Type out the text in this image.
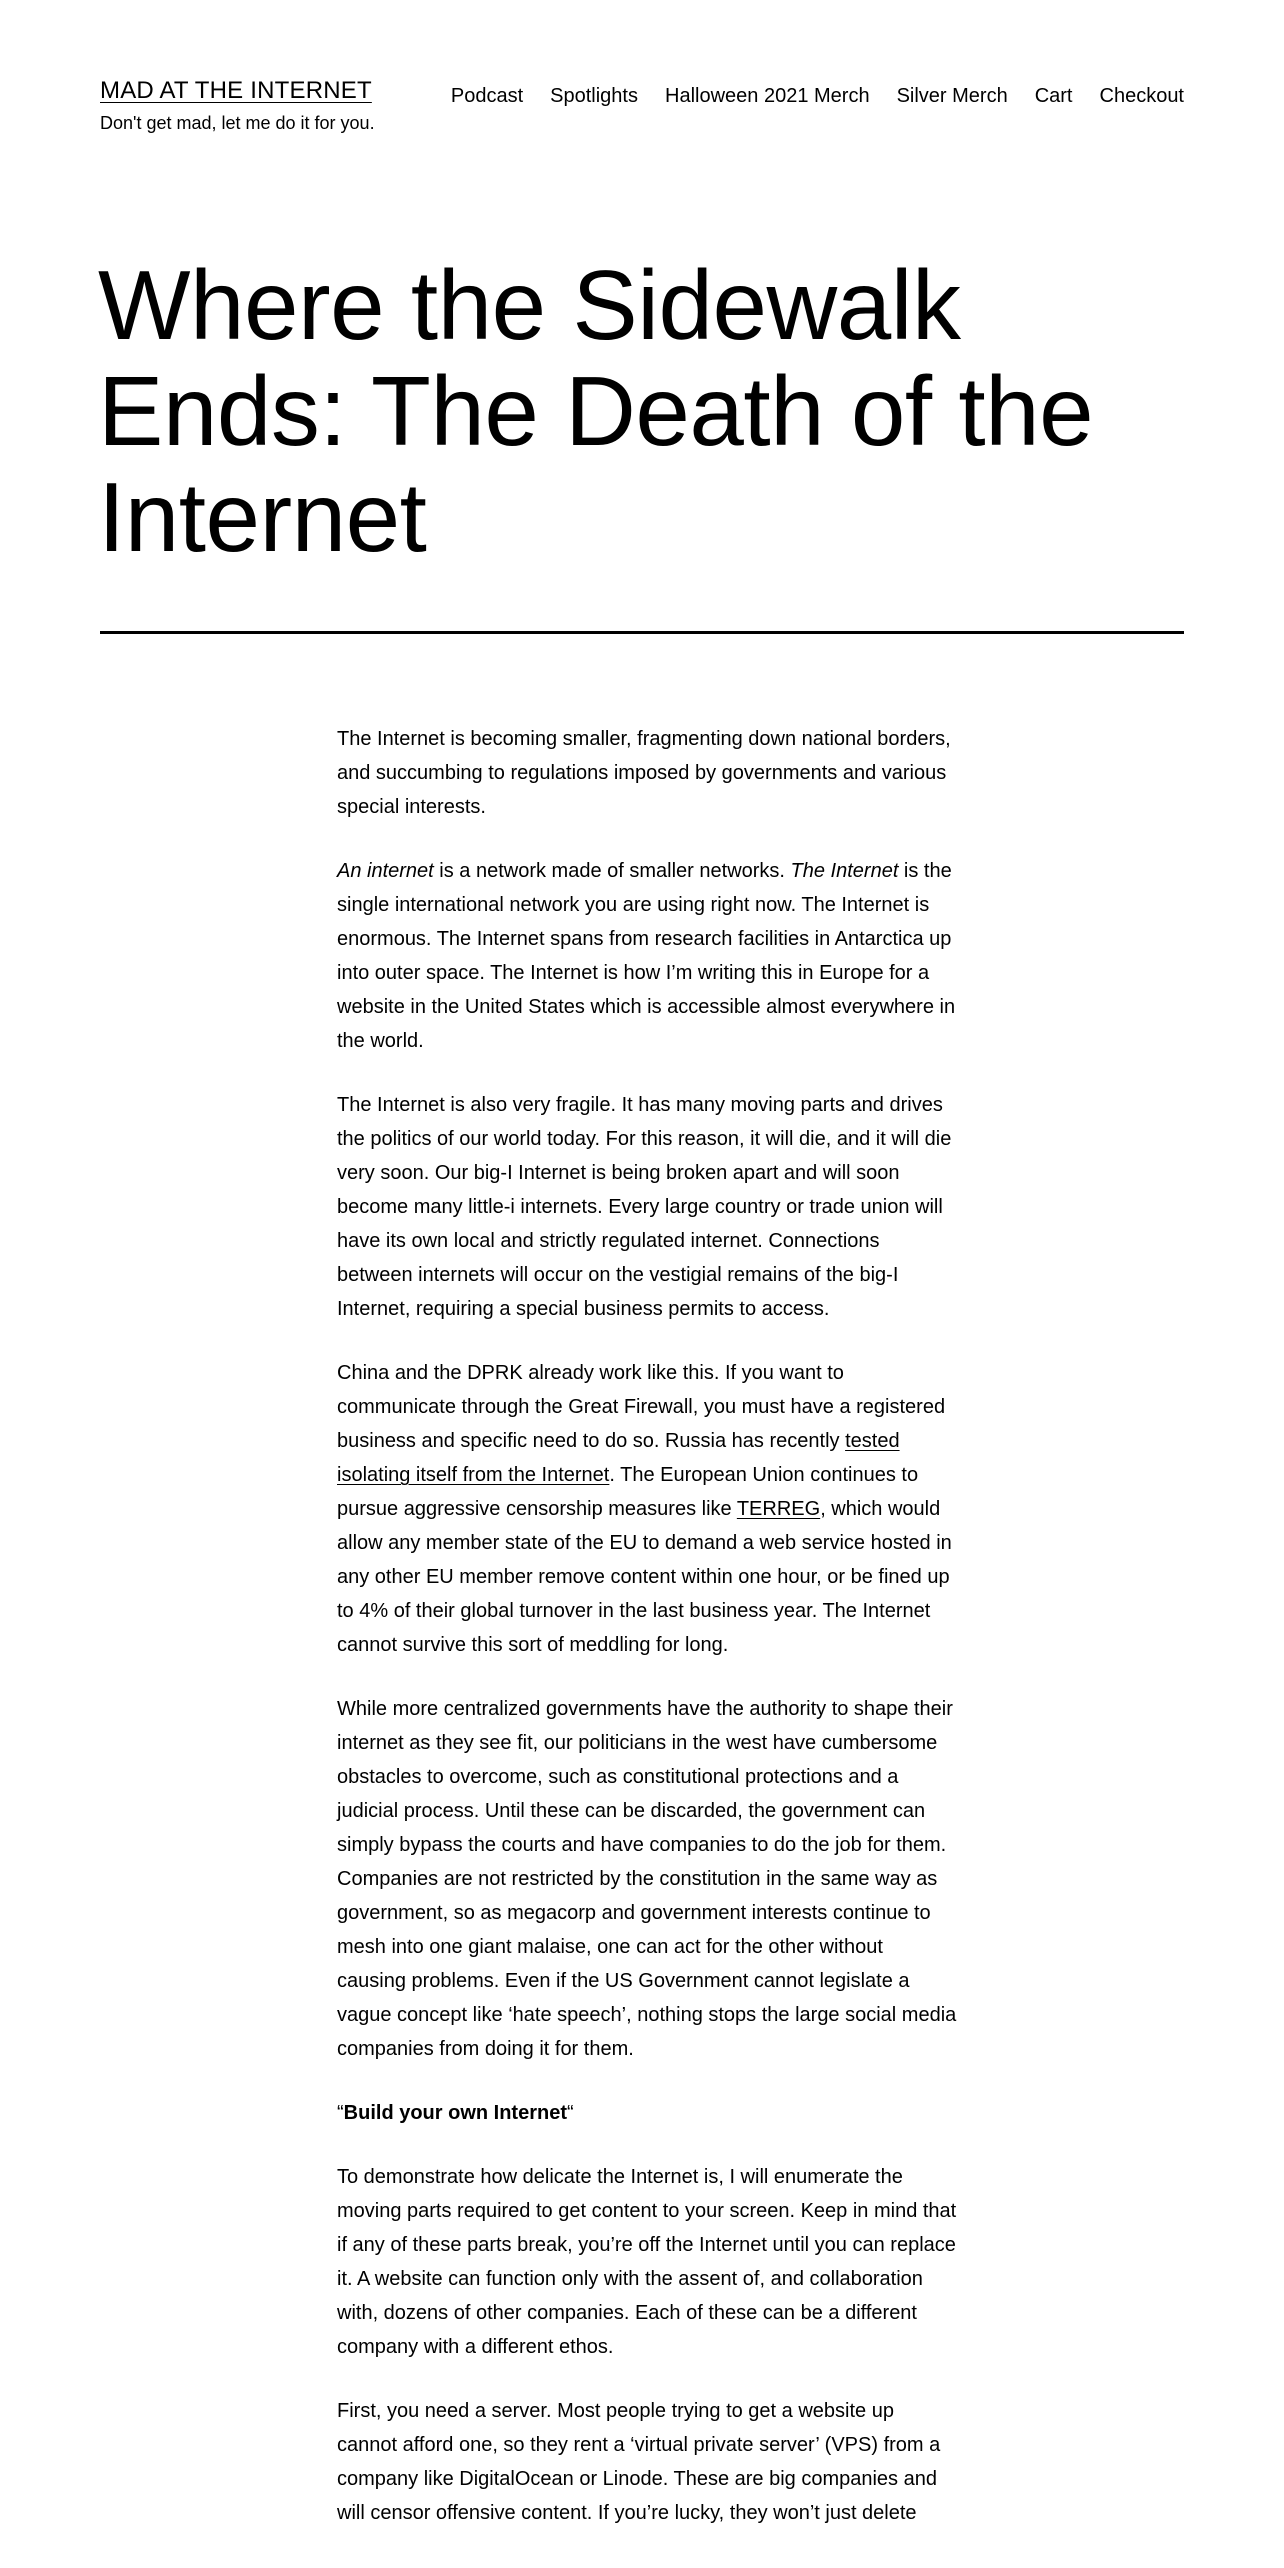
MAD AT THE INTERNET
Don't get mad, let me do it for you.
Podcast Spotlights Halloween 2021 Merch Silver Merch Cart Checkout
Where the Sidewalk Ends: The Death of the Internet

The Internet is becoming smaller, fragmenting down national borders, and succumbing to regulations imposed by governments and various special interests.

An internet is a network made of smaller networks. The Internet is the single international network you are using right now. The Internet is enormous. The Internet spans from research facilities in Antarctica up into outer space. The Internet is how I’m writing this in Europe for a website in the United States which is accessible almost everywhere in the world.

The Internet is also very fragile. It has many moving parts and drives the politics of our world today. For this reason, it will die, and it will die very soon. Our big-I Internet is being broken apart and will soon become many little-i internets. Every large country or trade union will have its own local and strictly regulated internet. Connections between internets will occur on the vestigial remains of the big-I Internet, requiring a special business permits to access.

China and the DPRK already work like this. If you want to communicate through the Great Firewall, you must have a registered business and specific need to do so. Russia has recently tested isolating itself from the Internet. The European Union continues to pursue aggressive censorship measures like TERREG, which would allow any member state of the EU to demand a web service hosted in any other EU member remove content within one hour, or be fined up to 4% of their global turnover in the last business year. The Internet cannot survive this sort of meddling for long.

While more centralized governments have the authority to shape their internet as they see fit, our politicians in the west have cumbersome obstacles to overcome, such as constitutional protections and a judicial process. Until these can be discarded, the government can simply bypass the courts and have companies to do the job for them. Companies are not restricted by the constitution in the same way as government, so as megacorp and government interests continue to mesh into one giant malaise, one can act for the other without causing problems. Even if the US Government cannot legislate a vague concept like ‘hate speech’, nothing stops the large social media companies from doing it for them.

“Build your own Internet“

To demonstrate how delicate the Internet is, I will enumerate the moving parts required to get content to your screen. Keep in mind that if any of these parts break, you’re off the Internet until you can replace it. A website can function only with the assent of, and collaboration with, dozens of other companies. Each of these can be a different company with a different ethos.

First, you need a server. Most people trying to get a website up cannot afford one, so they rent a ‘virtual private server’ (VPS) from a company like DigitalOcean or Linode. These are big companies and will censor offensive content. If you’re lucky, they won’t just delete
